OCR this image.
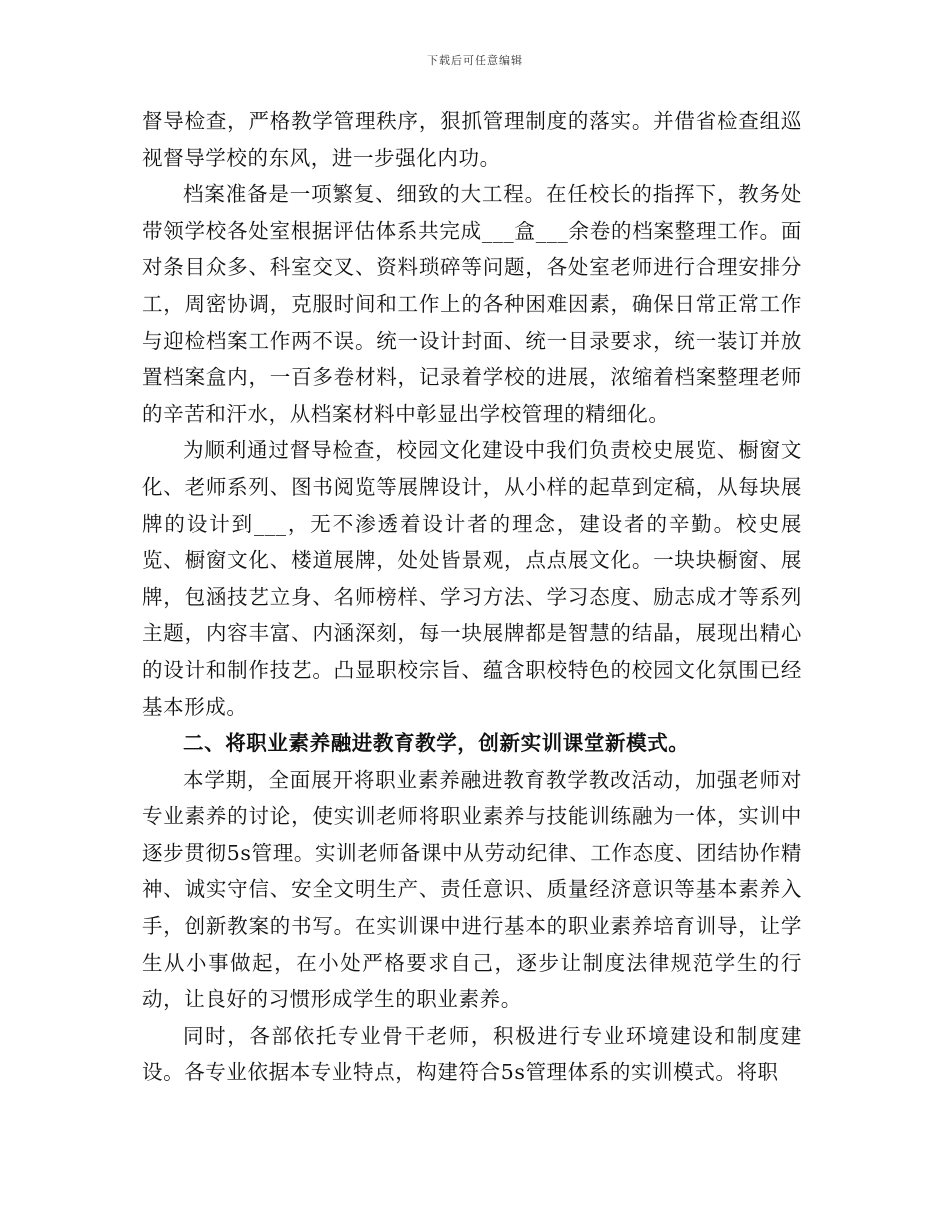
下载后可任意编辑

督导检查，严格教学管理秩序，狠抓管理制度的落实。并借省检查组巡视督导学校的东风，进一步强化内功。

档案准备是一项繁复、细致的大工程。在任校长的指挥下，教务处带领学校各处室根据评估体系共完成___盒___余卷的档案整理工作。面对条目众多、科室交叉、资料琐碎等问题，各处室老师进行合理安排分工，周密协调，克服时间和工作上的各种困难因素，确保日常正常工作与迎检档案工作两不误。统一设计封面、统一目录要求，统一装订并放置档案盒内，一百多卷材料，记录着学校的进展，浓缩着档案整理老师的辛苦和汗水，从档案材料中彰显出学校管理的精细化。

为顺利通过督导检查，校园文化建设中我们负责校史展览、橱窗文化、老师系列、图书阅览等展牌设计，从小样的起草到定稿，从每块展牌的设计到___，无不渗透着设计者的理念，建设者的辛勤。校史展览、橱窗文化、楼道展牌，处处皆景观，点点展文化。一块块橱窗、展牌，包涵技艺立身、名师榜样、学习方法、学习态度、励志成才等系列主题，内容丰富、内涵深刻，每一块展牌都是智慧的结晶，展现出精心的设计和制作技艺。凸显职校宗旨、蕴含职校特色的校园文化氛围已经基本形成。

二、将职业素养融进教育教学，创新实训课堂新模式。

本学期，全面展开将职业素养融进教育教学教改活动，加强老师对专业素养的讨论，使实训老师将职业素养与技能训练融为一体，实训中逐步贯彻5s管理。实训老师备课中从劳动纪律、工作态度、团结协作精神、诚实守信、安全文明生产、责任意识、质量经济意识等基本素养入手，创新教案的书写。在实训课中进行基本的职业素养培育训导，让学生从小事做起，在小处严格要求自己，逐步让制度法律规范学生的行动，让良好的习惯形成学生的职业素养。

同时，各部依托专业骨干老师，积极进行专业环境建设和制度建设。各专业依据本专业特点，构建符合5s管理体系的实训模式。将职
